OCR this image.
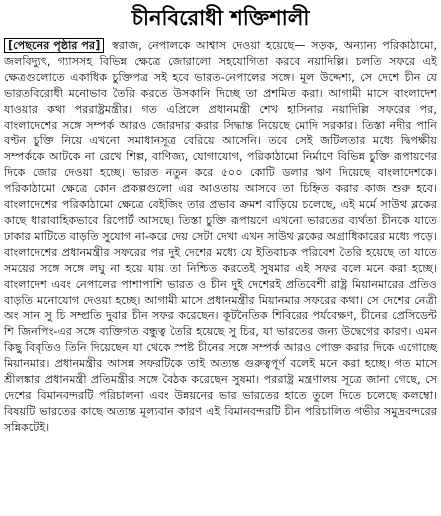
চীনবিরোধী শক্তিশালী
[পেছনের পৃষ্ঠার পর] স্বরাজ, নেপালকে আশ্বাস দেওয়া হয়েছে— সড়ক, অন্যান্য পরিকাঠামো, জলবিদ্যুৎ, গ্যাসসহ বিভিন্ন ক্ষেত্রে জোরালো সহযোগিতা করবে নয়াদিল্লি। চলতি সফরে এই ক্ষেত্রগুলোতে একাধিক চুক্তিপত্র সই হবে ভারত-নেপালের সঙ্গে। মূল উদ্দেশ্য, সে দেশে চীন যে ভারতবিরোধী মনোভাব তৈরি করতে উসকানি দিচ্ছে তা প্রশমিত করা। আগামী মাসে বাংলাদেশ যাওয়ার কথা পররাষ্ট্রমন্ত্রীর। গত এপ্রিলে প্রধানমন্ত্রী শেখ হাসিনার নয়াদিল্লি সফরের পর, বাংলাদেশের সঙ্গে সম্পর্ক আরও জোরদার করার সিদ্ধান্ত নিয়েছে মোদি সরকার। তিস্তা নদীর পানি বণ্টন চুক্তি নিয়ে এখনো সমাধানসূত্র বেরিয়ে আসেনি। তবে সেই জটিলতার মধ্যে দ্বিপক্ষীয় সম্পর্ককে আটকে না রেখে শিল্প, বাণিজ্য, যোগাযোগ, পরিকাঠামো নির্মাণে বিভিন্ন চুক্তি রূপায়ণের দিকে জোর দেওয়া হচ্ছে। ভারত নতুন করে ৫০০ কোটি ডলার ঋণ দিয়েছে বাংলাদেশকে। পরিকাঠামো ক্ষেত্রে কোন প্রকল্পগুলো এর আওতায় আসবে তা চিহ্নিত করার কাজ শুরু হবে। বাংলাদেশের পরিকাঠামো ক্ষেত্রে বেইজিং তার প্রভাব ক্রমশ বাড়িয়ে চলেছে, এই মর্মে সাউথ ব্লকের কাছে ধারাবাহিকভাবে রিপোর্ট আসছে। তিস্তা চুক্তি রূপায়ণে এখনো ভারতের ব্যর্থতা চীনকে যাতে ঢাকার মাটিতে বাড়তি সুযোগ না-করে দেয় সেটা দেখা এখন সাউথ ব্লকের অগ্রাধিকারের মধ্যে পড়ে। বাংলাদেশের প্রধানমন্ত্রীর সফরের পর দুই দেশের মধ্যে যে ইতিবাচক পরিবেশ তৈরি হয়েছে তা যাতে সময়ের সঙ্গে সঙ্গে লঘু না হয়ে যায় তা নিশ্চিত করতেই সুষমার এই সফর বলে মনে করা হচ্ছে। বাংলাদেশ এবং নেপালের পাশাপাশি ভারত ও চীন দুই দেশেরই প্রতিবেশী রাষ্ট্র মিয়ানমারের প্রতিও বাড়তি মনোযোগ দেওয়া হচ্ছে। আগামী মাসে প্রধানমন্ত্রীর মিয়ানমার সফরের কথা। সে দেশের নেত্রী অং সান সু চি সম্প্রতি দুবার চীন সফর করেছেন। কূটনৈতিক শিবিরের পর্যবেক্ষণ, চীনের প্রেসিডেন্ট শি জিনপিং-এর সঙ্গে ব্যক্তিগত বন্ধুত্ব তৈরি হয়েছে সু চির, যা ভারতের জন্য উদ্বেগের কারণ। এমন কিছু বিবৃতিও তিনি দিয়েছেন যা থেকে স্পষ্ট চীনের সঙ্গে সম্পর্ক আরও পোক্ত করার দিকে এগোচ্ছে মিয়ানমার। প্রধানমন্ত্রীর আসন্ন সফরটিকে তাই অত্যন্ত গুরুত্বপূর্ণ বলেই মনে করা হচ্ছে। গত মাসে শ্রীলঙ্কার প্রধানমন্ত্রী প্রতিমন্ত্রীর সঙ্গে বৈঠক করেছেন সুষমা। পররাষ্ট্র মন্ত্রণালয় সূত্রে জানা গেছে, সে দেশের বিমানবন্দরটি পরিচালনা এবং উন্নয়নের ভার ভারতের হাতে তুলে দিতে চলেছে কলম্বো। বিষয়টি ভারতের কাছে অত্যন্ত মূল্যবান কারণ এই বিমানবন্দরটি চীন পরিচালিত গভীর সমুদ্রবন্দরের সন্নিকটেই।
